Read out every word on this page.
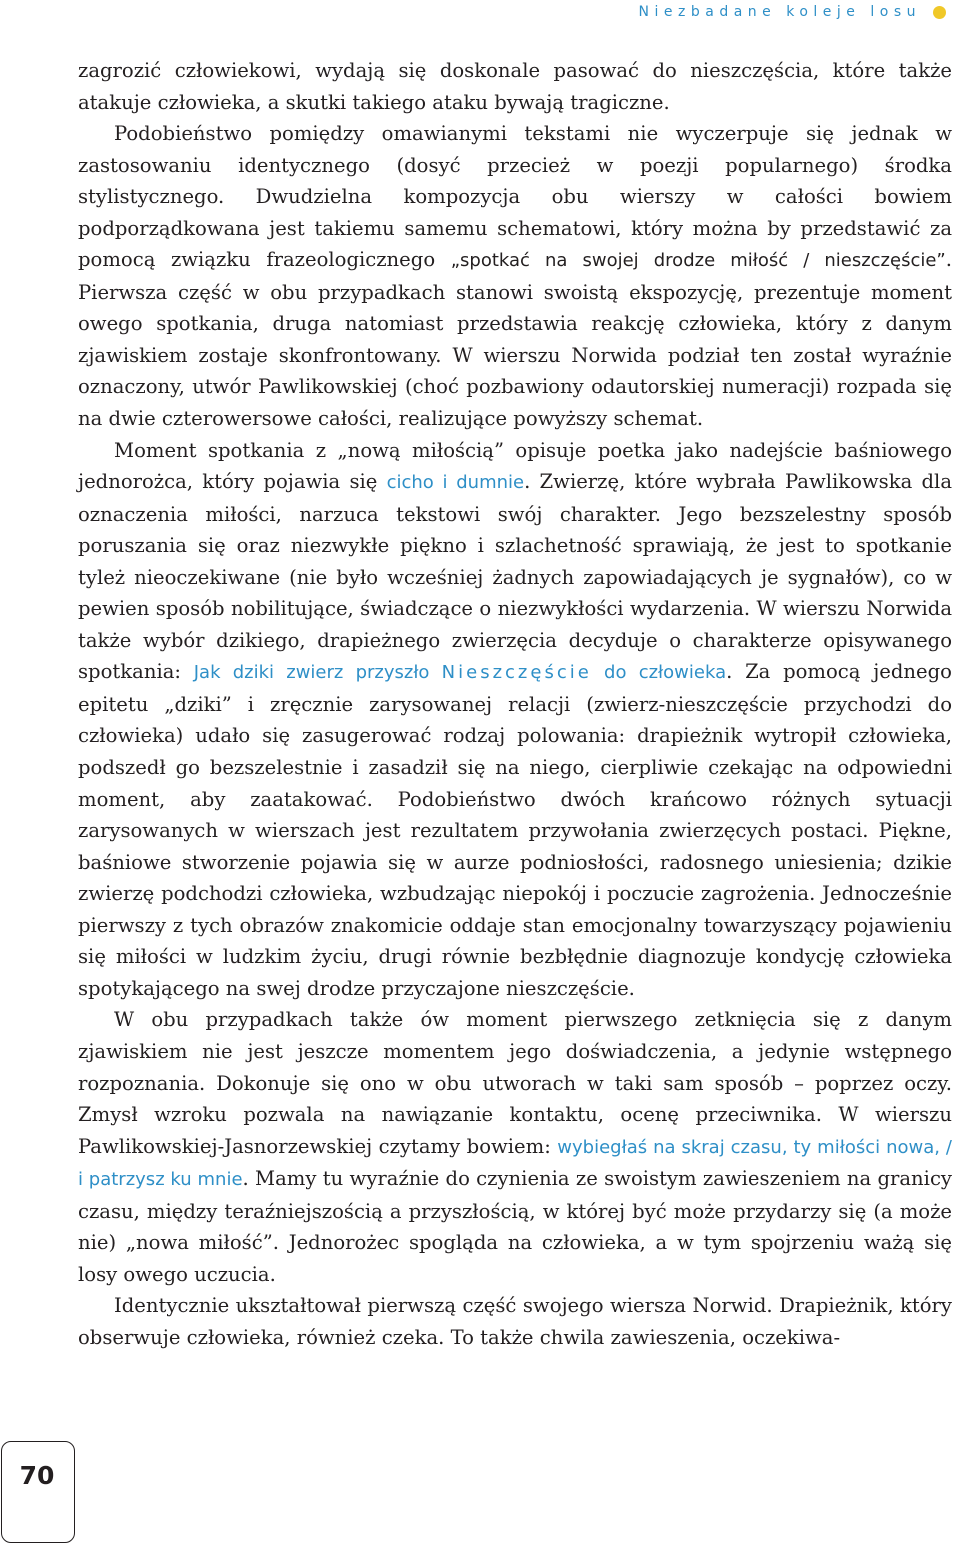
Niezbadane koleje losu

zagrozić człowiekowi, wydają się doskonale pasować do nieszczęścia, które także atakuje człowieka, a skutki takiego ataku bywają tragiczne.

Podobieństwo pomiędzy omawianymi tekstami nie wyczerpuje się jednak w zastosowaniu identycznego (dosyć przecież w poezji popularnego) środka stylistycznego. Dwudzielna kompozycja obu wierszy w całości bowiem podporządkowana jest takiemu samemu schematowi, który można by przedstawić za pomocą związku frazeologicznego „spotkać na swojej drodze miłość / nieszczęście”. Pierwsza część w obu przypadkach stanowi swoistą ekspozycję, prezentuje moment owego spotkania, druga natomiast przedstawia reakcję człowieka, który z danym zjawiskiem zostaje skonfrontowany. W wierszu Norwida podział ten został wyraźnie oznaczony, utwór Pawlikowskiej (choć pozbawiony odautorskiej numeracji) rozpada się na dwie czterowersowe całości, realizujące powyższy schemat.

Moment spotkania z „nową miłością” opisuje poetka jako nadejście baśniowego jednorożca, który pojawia się cicho i dumnie. Zwierzę, które wybrała Pawlikowska dla oznaczenia miłości, narzuca tekstowi swój charakter. Jego bezszelestny sposób poruszania się oraz niezwykłe piękno i szlachetność sprawiają, że jest to spotkanie tyleż nieoczekiwane (nie było wcześniej żadnych zapowiadających je sygnałów), co w pewien sposób nobilitujące, świadczące o niezwykłości wydarzenia. W wierszu Norwida także wybór dzikiego, drapieżnego zwierzęcia decyduje o charakterze opisywanego spotkania: Jak dziki zwierz przyszło Nieszczęście do człowieka. Za pomocą jednego epitetu „dziki” i zręcznie zarysowanej relacji (zwierz-nieszczęście przychodzi do człowieka) udało się zasugerować rodzaj polowania: drapieżnik wytropił człowieka, podszedł go bezszelestnie i zasadził się na niego, cierpliwie czekając na odpowiedni moment, aby zaatakować. Podobieństwo dwóch krańcowo różnych sytuacji zarysowanych w wierszach jest rezultatem przywołania zwierzęcych postaci. Piękne, baśniowe stworzenie pojawia się w aurze podniosłości, radosnego uniesienia; dzikie zwierzę podchodzi człowieka, wzbudzając niepokój i poczucie zagrożenia. Jednocześnie pierwszy z tych obrazów znakomicie oddaje stan emocjonalny towarzyszący pojawieniu się miłości w ludzkim życiu, drugi równie bezbłędnie diagnozuje kondycję człowieka spotykającego na swej drodze przyczajone nieszczęście.

W obu przypadkach także ów moment pierwszego zetknięcia się z danym zjawiskiem nie jest jeszcze momentem jego doświadczenia, a jedynie wstępnego rozpoznania. Dokonuje się ono w obu utworach w taki sam sposób – poprzez oczy. Zmysł wzroku pozwala na nawiązanie kontaktu, ocenę przeciwnika. W wierszu Pawlikowskiej-Jasnorzewskiej czytamy bowiem: wybiegłaś na skraj czasu, ty miłości nowa, / i patrzysz ku mnie. Mamy tu wyraźnie do czynienia ze swoistym zawieszeniem na granicy czasu, między teraźniejszością a przyszłością, w której być może przydarzy się (a może nie) „nowa miłość”. Jednorożec spogląda na człowieka, a w tym spojrzeniu ważą się losy owego uczucia.

Identycznie ukształtował pierwszą część swojego wiersza Norwid. Drapieżnik, który obserwuje człowieka, również czeka. To także chwila zawieszenia, oczekiwa-

70
